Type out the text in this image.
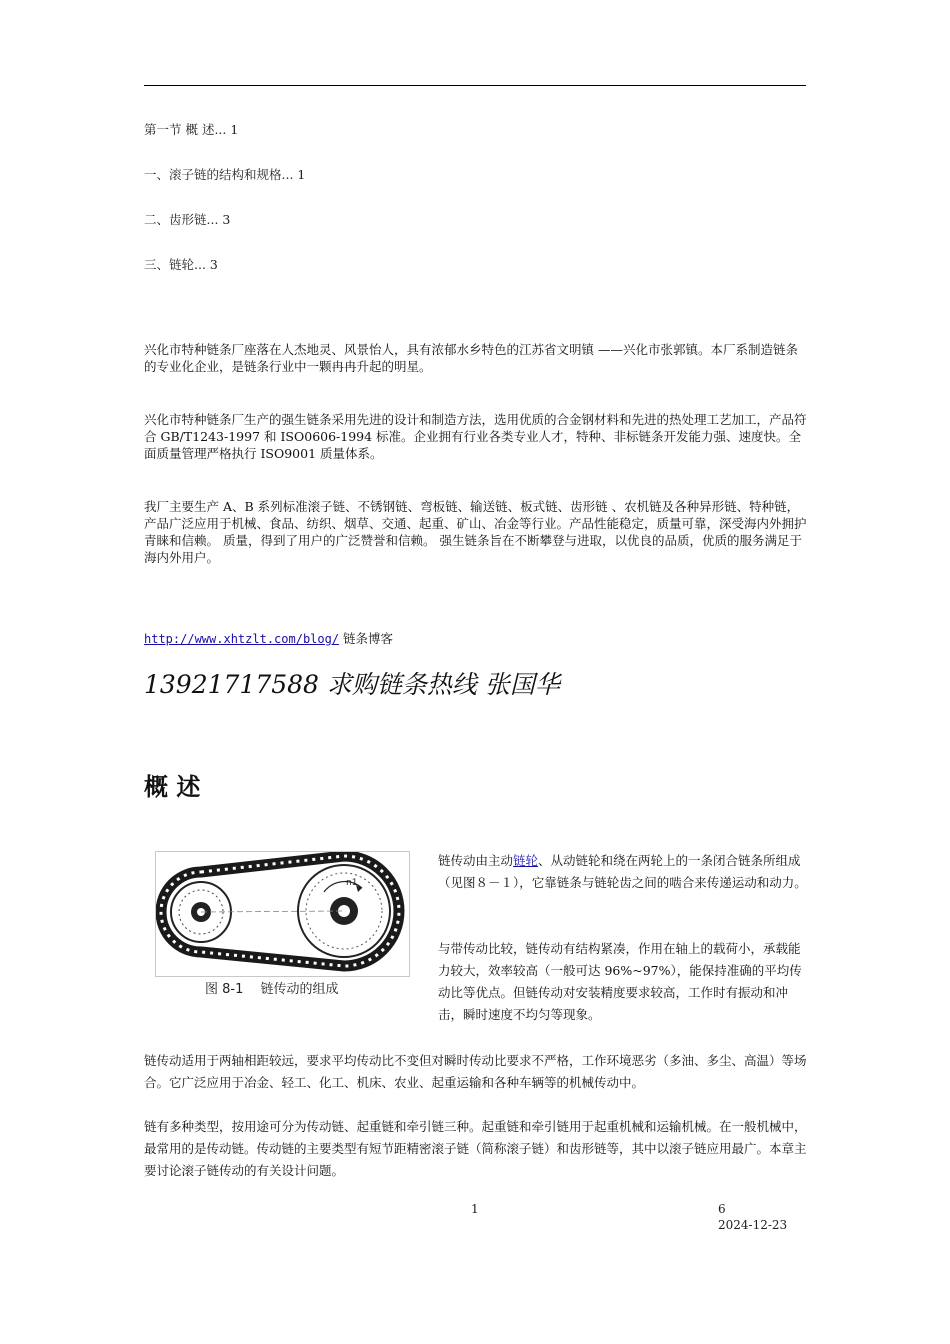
第一节 概 述... 1
一、滚子链的结构和规格... 1
二、齿形链... 3
三、链轮... 3

兴化市特种链条厂座落在人杰地灵、风景怡人，具有浓郁水乡特色的江苏省文明镇 ——兴化市张郭镇。本厂系制造链条的专业化企业，是链条行业中一颗冉冉升起的明星。

兴化市特种链条厂生产的强生链条采用先进的设计和制造方法，选用优质的合金钢材料和先进的热处理工艺加工，产品符合 GB/T1243-1997 和 ISO0606-1994 标准。企业拥有行业各类专业人才，特种、非标链条开发能力强、速度快。全面质量管理严格执行 ISO9001 质量体系。

我厂主要生产 A、B 系列标准滚子链、不锈钢链、弯板链、输送链、板式链、齿形链 、农机链及各种异形链、特种链，产品广泛应用于机械、食品、纺织、烟草、交通、起重、矿山、冶金等行业。产品性能稳定，质量可靠，深受海内外拥护青睐和信赖。 质量，得到了用户的广泛赞誉和信赖。 强生链条旨在不断攀登与进取，以优良的品质，优质的服务满足于海内外用户。

http://www.xhtzlt.com/blog/ 链条博客
13921717588 求购链条热线 张国华
概 述
n1
图 8-1　 链传动的组成

链传动由主动链轮、从动链轮和绕在两轮上的一条闭合链条所组成（见图８－１），它靠链条与链轮齿之间的啮合来传递运动和动力。

与带传动比较，链传动有结构紧凑，作用在轴上的载荷小，承载能力较大，效率较高（一般可达 96%~97%），能保持准确的平均传动比等优点。但链传动对安装精度要求较高，工作时有振动和冲击，瞬时速度不均匀等现象。

链传动适用于两轴相距较远，要求平均传动比不变但对瞬时传动比要求不严格，工作环境恶劣（多油、多尘、高温）等场合。它广泛应用于冶金、轻工、化工、机床、农业、起重运输和各种车辆等的机械传动中。

链有多种类型，按用途可分为传动链、起重链和牵引链三种。起重链和牵引链用于起重机械和运输机械。在一般机械中，最常用的是传动链。传动链的主要类型有短节距精密滚子链（简称滚子链）和齿形链等，其中以滚子链应用最广。本章主要讨论滚子链传动的有关设计问题。

1	6
2024-12-23
